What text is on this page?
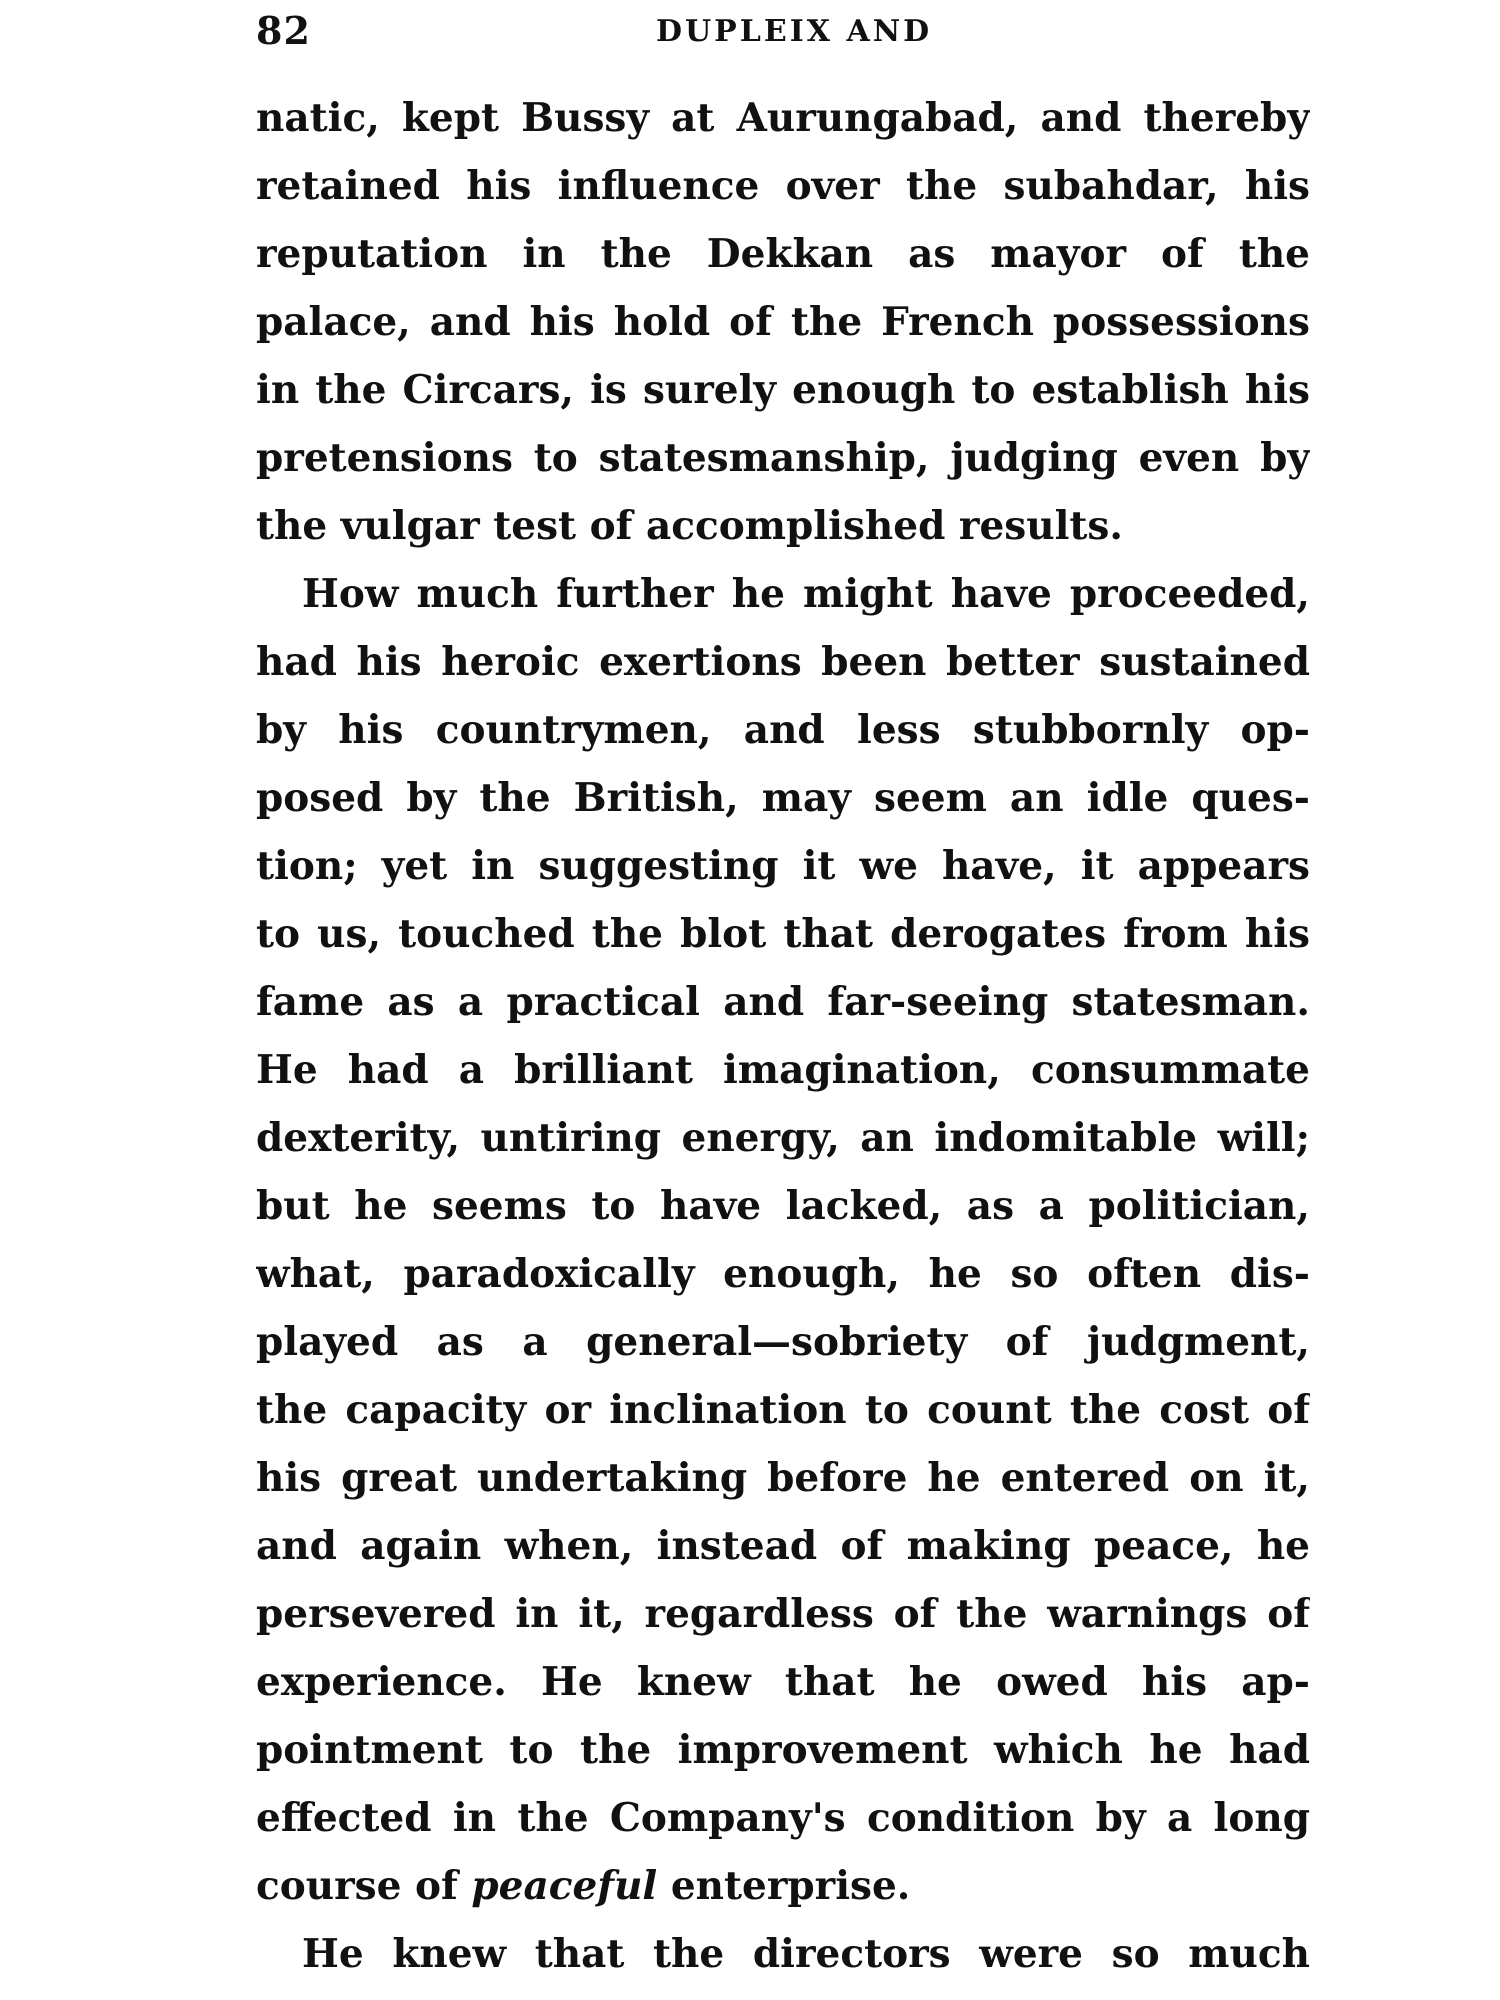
82	DUPLEIX AND
natic, kept Bussy at Aurungabad, and thereby
retained his influence over the subahdar, his
reputation in the Dekkan as mayor of the
palace, and his hold of the French possessions
in the Circars, is surely enough to establish his
pretensions to statesmanship, judging even by
the vulgar test of accomplished results.
How much further he might have proceeded,
had his heroic exertions been better sustained
by his countrymen, and less stubbornly op-
posed by the British, may seem an idle ques-
tion; yet in suggesting it we have, it appears
to us, touched the blot that derogates from his
fame as a practical and far-seeing statesman.
He had a brilliant imagination, consummate
dexterity, untiring energy, an indomitable will;
but he seems to have lacked, as a politician,
what, paradoxically enough, he so often dis-
played as a general—sobriety of judgment,
the capacity or inclination to count the cost of
his great undertaking before he entered on it,
and again when, instead of making peace, he
persevered in it, regardless of the warnings of
experience. He knew that he owed his ap-
pointment to the improvement which he had
effected in the Company's condition by a long
course of peaceful enterprise.
He knew that the directors were so much
